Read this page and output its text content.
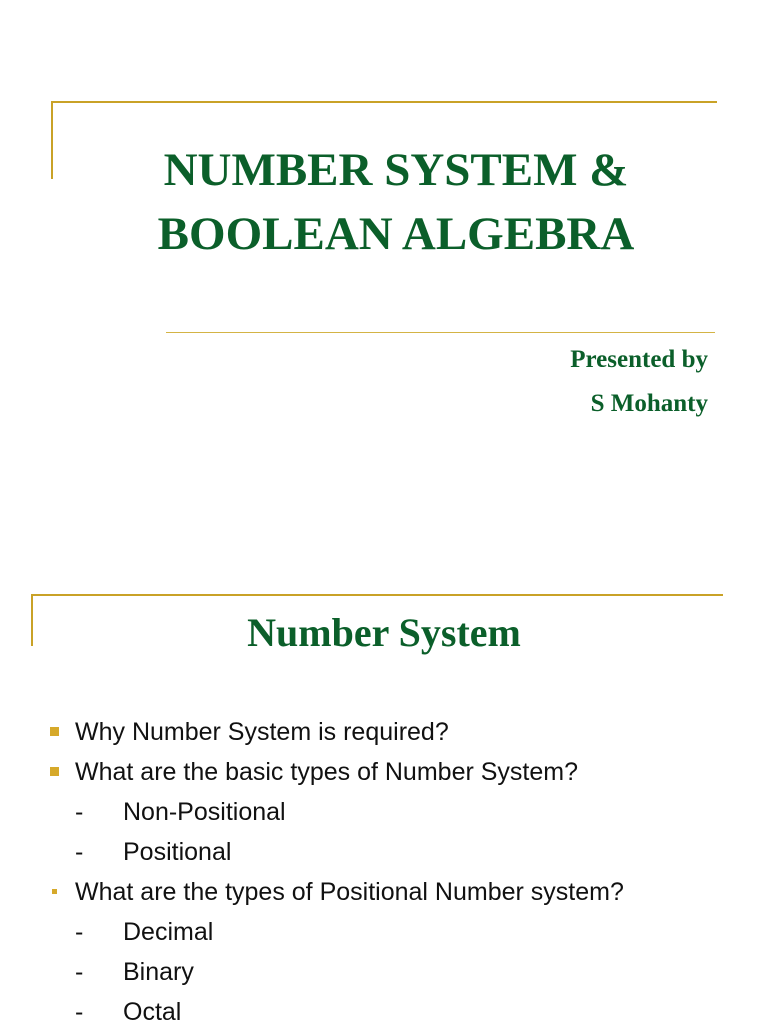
NUMBER SYSTEM &
BOOLEAN ALGEBRA
Presented by
S Mohanty
Number System
Why Number System is required?
What are the basic types of Number System?
- Non-Positional
- Positional
What are the types of Positional Number system?
- Decimal
- Binary
- Octal
